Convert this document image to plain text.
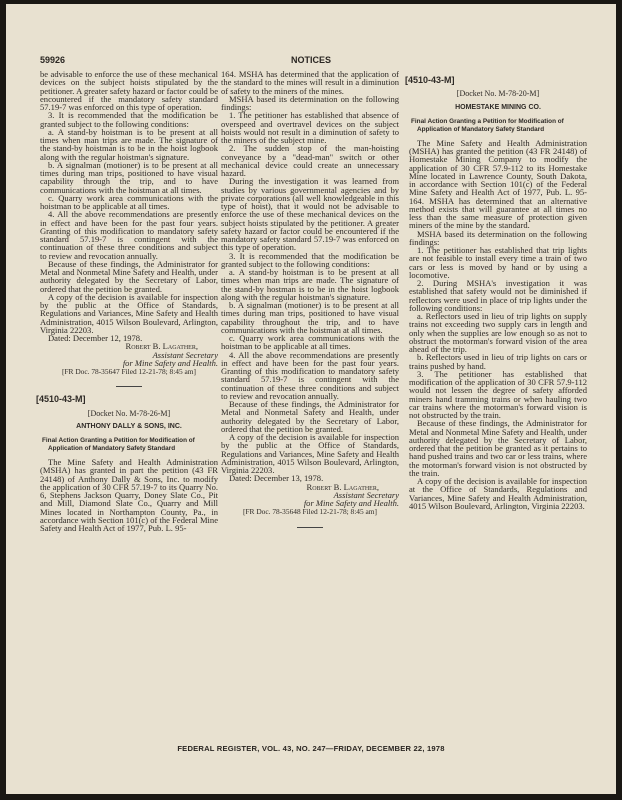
59926	NOTICES

be advisable to enforce the use of these mechanical devices on the subject hoists stipulated by the petitioner. A greater safety hazard or factor could be encountered if the mandatory safety standard 57.19-7 was enforced on this type of operation.

3. It is recommended that the modification be granted subject to the following conditions:

a. A stand-by hoistman is to be present at all times when man trips are made. The signature of the stand-by hoistman is to be in the hoist logbook along with the regular hoistman's signature.

b. A signalman (motioner) is to be present at all times during man trips, positioned to have visual capability through the trip, and to have communications with the hoistman at all times.

c. Quarry work area communications with the hoistman to be applicable at all times.

4. All the above recommendations are presently in effect and have been for the past four years. Granting of this modification to mandatory safety standard 57.19-7 is contingent with the continuation of these three conditions and subject to review and revocation annually.

Because of these findings, the Administrator for Metal and Nonmetal Mine Safety and Health, under authority delegated by the Secretary of Labor, ordered that the petition be granted.

A copy of the decision is available for inspection by the public at the Office of Standards, Regulations and Variances, Mine Safety and Health Administration, 4015 Wilson Boulevard, Arlington, Virginia 22203.

Dated: December 12, 1978.

Robert B. Lagather,
Assistant Secretary
for Mine Safety and Health.
[FR Doc. 78-35647 Filed 12-21-78; 8:45 am]
[4510-43-M]
[Docket No. M-78-26-M]
ANTHONY DALLY & SONS, INC.
Final Action Granting a Petition for Modification of Application of Mandatory Safety Standard

The Mine Safety and Health Administration (MSHA) has granted in part the petition (43 FR 24148) of Anthony Dally & Sons, Inc. to modify the application of 30 CFR 57.19-7 to its Quarry No. 6, Stephens Jackson Quarry, Doney Slate Co., Pit and Mill, Diamond Slate Co., Quarry and Mill Mines located in Northampton County, Pa., in accordance with Section 101(c) of the Federal Mine Safety and Health Act of 1977, Pub. L. 95-

164. MSHA has determined that the application of the standard to the mines will result in a diminution of safety to the miners of the mines.

MSHA based its determination on the following findings:

1. The petitioner has established that absence of overspeed and overtravel devices on the subject hoists would not result in a diminution of safety to the miners of the subject mine.

2. The sudden stop of the man-hoisting conveyance by a "dead-man" switch or other mechanical device could create an unnecessary hazard.

During the investigation it was learned from studies by various governmental agencies and by private corporations (all well knowledgeable in this type of hoist), that it would not be advisable to enforce the use of these mechanical devices on the subject hoists stipulated by the petitioner. A greater safety hazard or factor could be encountered if the mandatory safety standard 57.19-7 was enforced on this type of operation.

3. It is recommended that the modification be granted subject to the following conditions:

a. A stand-by hoistman is to be present at all times when man trips are made. The signature of the stand-by hostman is to be in the hoist logbook along with the regular hoistman's signature.

b. A signalman (motioner) is to be present at all times during man trips, positioned to have visual capability throughout the trip, and to have communications with the hoistman at all times.

c. Quarry work area communications with the hoistman to be applicable at all times.

4. All the above recommendations are presently in effect and have been for the past four years. Granting of this modification to mandatory safety standard 57.19-7 is contingent with the continuation of these three conditions and subject to review and revocation annually.

Because of these findings, the Administrator for Metal and Nonmetal Safety and Health, under authority delegated by the Secretary of Labor, ordered that the petition be granted.

A copy of the decision is available for inspection by the public at the Office of Standards, Regulations and Variances, Mine Safety and Health Administration, 4015 Wilson Boulevard, Arlington, Virginia 22203.

Dated: December 13, 1978.

Robert B. Lagather,
Assistant Secretary
for Mine Safety and Health.
[FR Doc. 78-35648 Filed 12-21-78; 8:45 am]
[4510-43-M]
[Docket No. M-78-20-M]
HOMESTAKE MINING CO.
Final Action Granting a Petition for Modification of Application of Mandatory Safety Standard

The Mine Safety and Health Administration (MSHA) has granted the petition (43 FR 24148) of Homestake Mining Company to modify the application of 30 CFR 57.9-112 to its Homestake Mine located in Lawrence County, South Dakota, in accordance with Section 101(c) of the Federal Mine Safety and Health Act of 1977, Pub. L. 95-164. MSHA has determined that an alternative method exists that will guarantee at all times no less than the same measure of protection given miners of the mine by the standard.

MSHA based its determination on the following findings:

1. The petitioner has established that trip lights are not feasible to install every time a train of two cars or less is moved by hand or by using a locomotive.

2. During MSHA's investigation it was established that safety would not be diminished if reflectors were used in place of trip lights under the following conditions:

a. Reflectors used in lieu of trip lights on supply trains not exceeding two supply cars in length and only when the supplies are low enough so as not to obstruct the motorman's forward vision of the area ahead of the trip.

b. Reflectors used in lieu of trip lights on cars or trains pushed by hand.

3. The petitioner has established that modification of the application of 30 CFR 57.9-112 would not lessen the degree of safety afforded miners hand tramming trains or when hauling two car trains where the motorman's forward vision is not obstructed by the train.

Because of these findings, the Administrator for Metal and Nonmetal Mine Safety and Health, under authority delegated by the Secretary of Labor, ordered that the petition be granted as it pertains to hand pushed trains and two car or less trains, where the motorman's forward vision is not obstructed by the train.

A copy of the decision is available for inspection at the Office of Standards, Regulations and Variances, Mine Safety and Health Administration, 4015 Wilson Boulevard, Arlington, Virginia 22203.

FEDERAL REGISTER, VOL. 43, NO. 247—FRIDAY, DECEMBER 22, 1978
